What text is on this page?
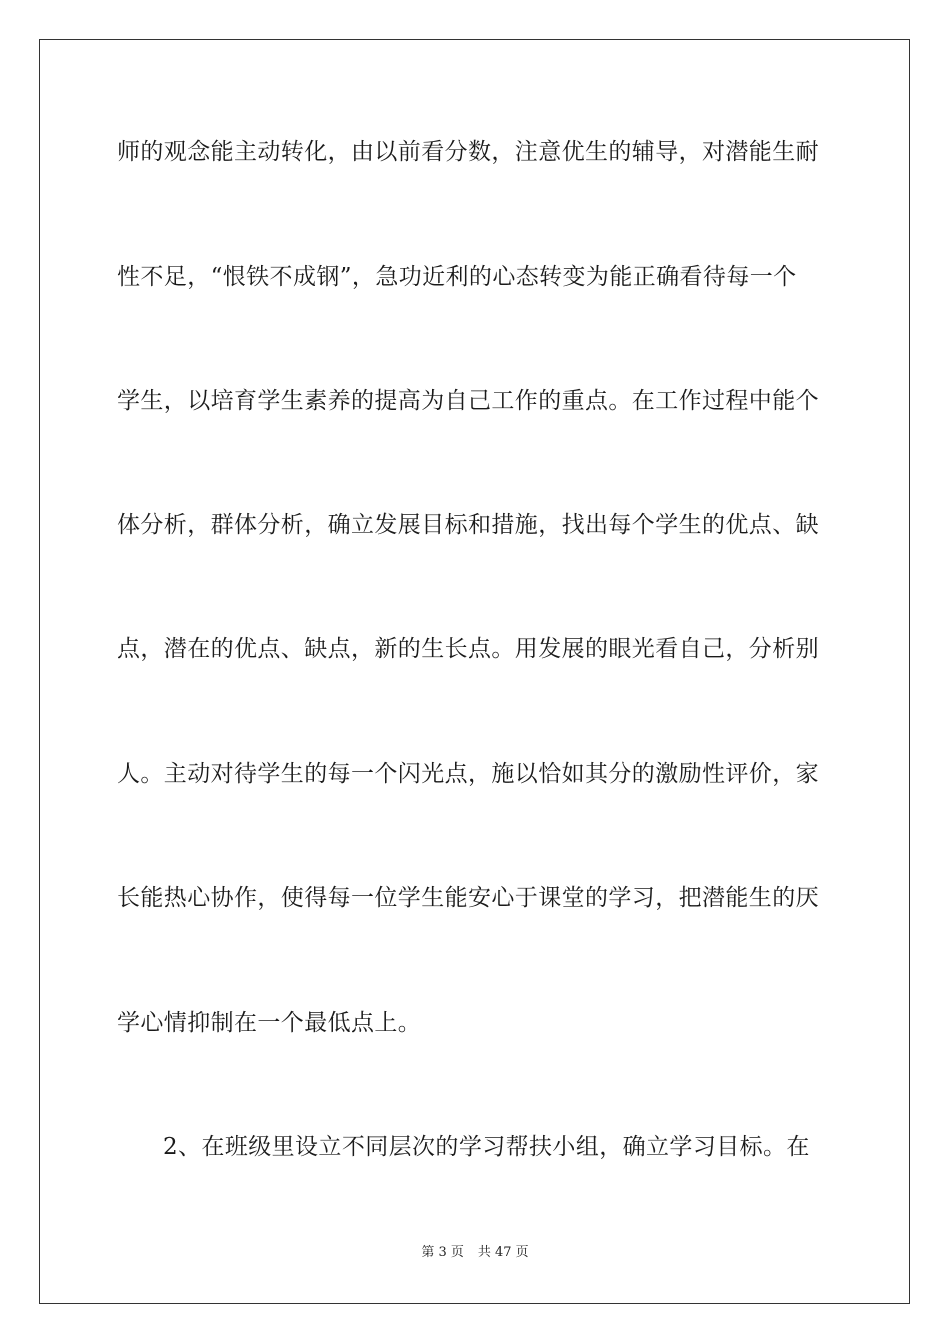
师的观念能主动转化，由以前看分数，注意优生的辅导，对潜能生耐
性不足，“恨铁不成钢”，急功近利的心态转变为能正确看待每一个
学生，以培育学生素养的提高为自己工作的重点。在工作过程中能个
体分析，群体分析，确立发展目标和措施，找出每个学生的优点、缺
点，潜在的优点、缺点，新的生长点。用发展的眼光看自己，分析别
人。主动对待学生的每一个闪光点，施以恰如其分的激励性评价，家
长能热心协作，使得每一位学生能安心于课堂的学习，把潜能生的厌
学心情抑制在一个最低点上。
2、在班级里设立不同层次的学习帮扶小组，确立学习目标。在
第 3 页 共 47 页
